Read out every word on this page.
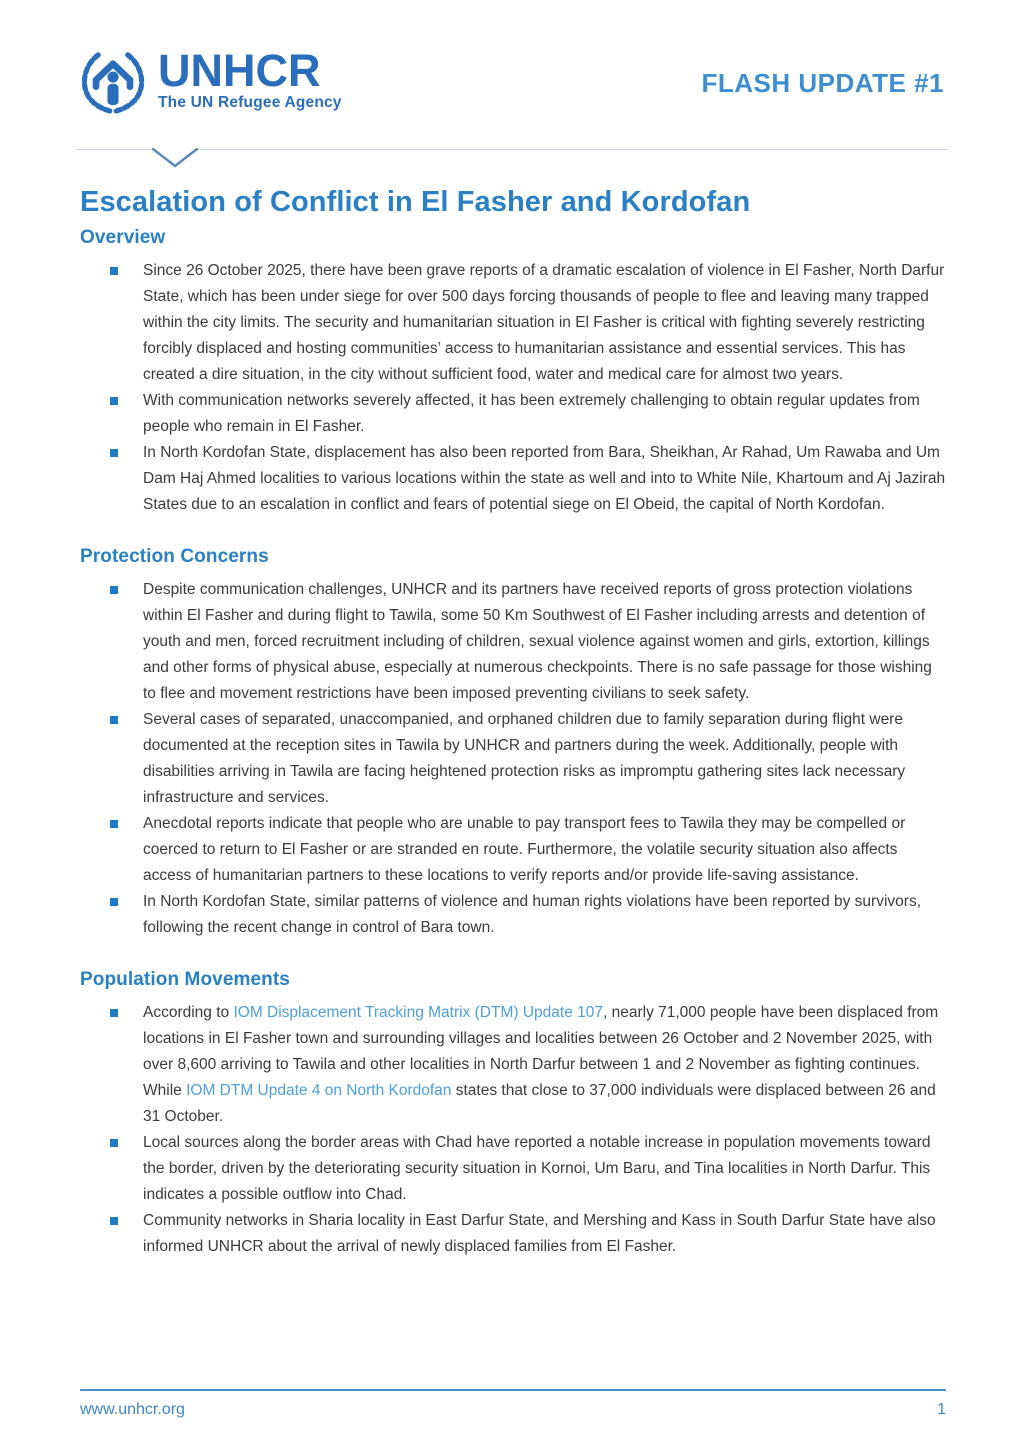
UNHCR
The UN Refugee Agency
FLASH UPDATE #1
Escalation of Conflict in El Fasher and Kordofan
Overview
Since 26 October 2025, there have been grave reports of a dramatic escalation of violence in El Fasher, North Darfur State, which has been under siege for over 500 days forcing thousands of people to flee and leaving many trapped within the city limits. The security and humanitarian situation in El Fasher is critical with fighting severely restricting forcibly displaced and hosting communities’ access to humanitarian assistance and essential services. This has created a dire situation, in the city without sufficient food, water and medical care for almost two years.
With communication networks severely affected, it has been extremely challenging to obtain regular updates from people who remain in El Fasher.
In North Kordofan State, displacement has also been reported from Bara, Sheikhan, Ar Rahad, Um Rawaba and Um Dam Haj Ahmed localities to various locations within the state as well and into to White Nile, Khartoum and Aj Jazirah States due to an escalation in conflict and fears of potential siege on El Obeid, the capital of North Kordofan.
Protection Concerns
Despite communication challenges, UNHCR and its partners have received reports of gross protection violations within El Fasher and during flight to Tawila, some 50 Km Southwest of El Fasher including arrests and detention of youth and men, forced recruitment including of children, sexual violence against women and girls, extortion, killings and other forms of physical abuse, especially at numerous checkpoints. There is no safe passage for those wishing to flee and movement restrictions have been imposed preventing civilians to seek safety.
Several cases of separated, unaccompanied, and orphaned children due to family separation during flight were documented at the reception sites in Tawila by UNHCR and partners during the week. Additionally, people with disabilities arriving in Tawila are facing heightened protection risks as impromptu gathering sites lack necessary infrastructure and services.
Anecdotal reports indicate that people who are unable to pay transport fees to Tawila they may be compelled or coerced to return to El Fasher or are stranded en route. Furthermore, the volatile security situation also affects access of humanitarian partners to these locations to verify reports and/or provide life-saving assistance.
In North Kordofan State, similar patterns of violence and human rights violations have been reported by survivors, following the recent change in control of Bara town.
Population Movements
According to IOM Displacement Tracking Matrix (DTM) Update 107, nearly 71,000 people have been displaced from locations in El Fasher town and surrounding villages and localities between 26 October and 2 November 2025, with over 8,600 arriving to Tawila and other localities in North Darfur between 1 and 2 November as fighting continues. While IOM DTM Update 4 on North Kordofan states that close to 37,000 individuals were displaced between 26 and 31 October.
Local sources along the border areas with Chad have reported a notable increase in population movements toward the border, driven by the deteriorating security situation in Kornoi, Um Baru, and Tina localities in North Darfur. This indicates a possible outflow into Chad.
Community networks in Sharia locality in East Darfur State, and Mershing and Kass in South Darfur State have also informed UNHCR about the arrival of newly displaced families from El Fasher.
www.unhcr.org	1
